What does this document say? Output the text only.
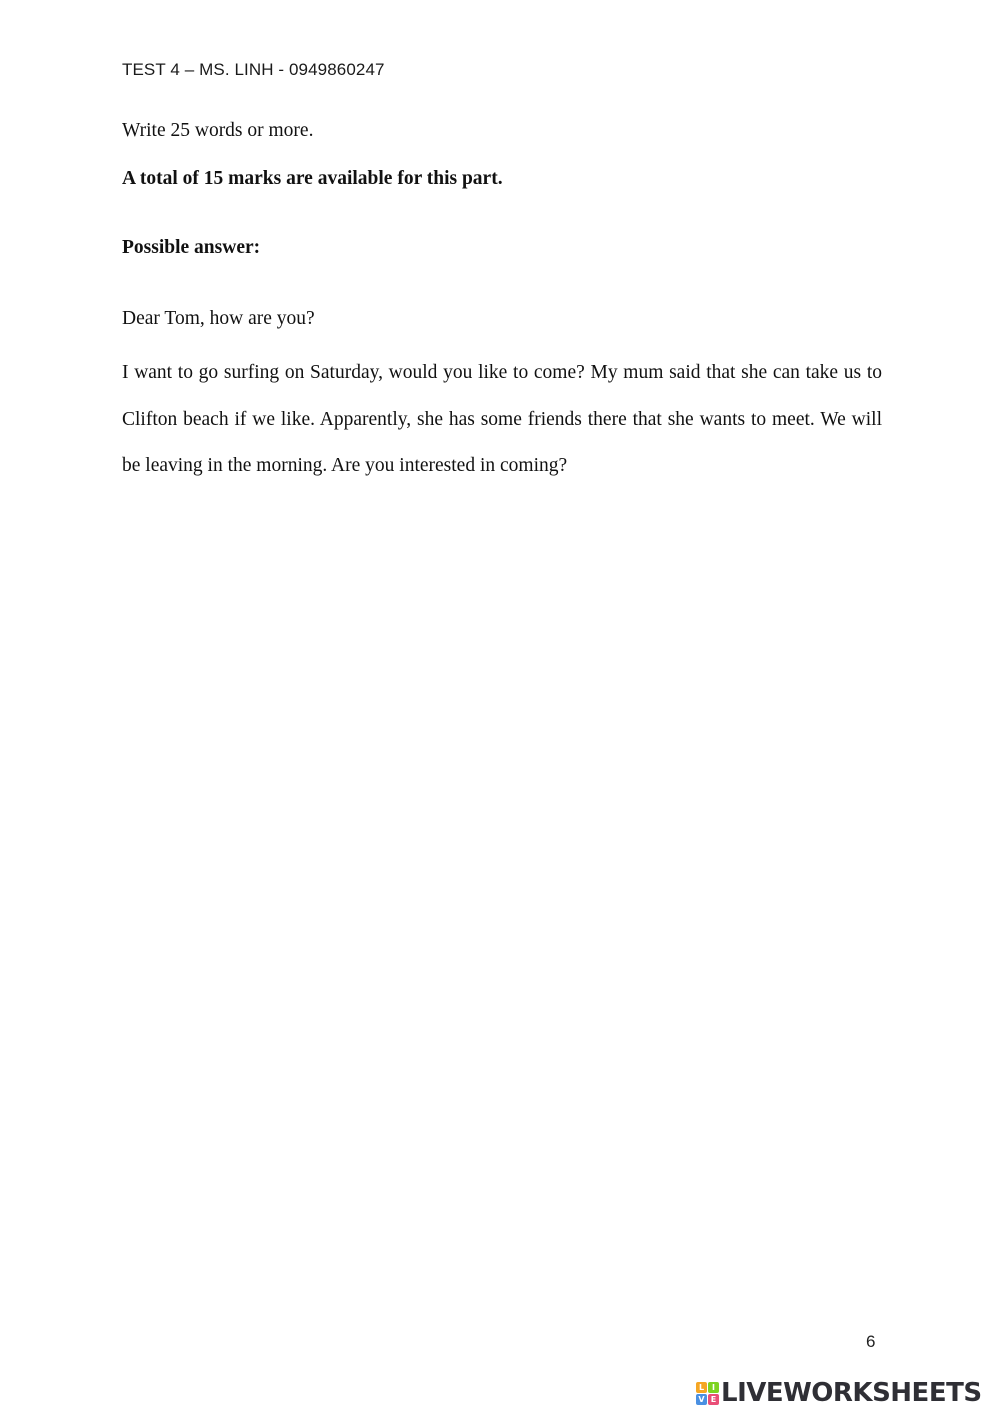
TEST 4 – MS. LINH - 0949860247
Write 25 words or more.
A total of 15 marks are available for this part.
Possible answer:
Dear Tom, how are you?

I want to go surfing on Saturday, would you like to come? My mum said that she can take us to Clifton beach if we like. Apparently, she has some friends there that she wants to meet. We will be leaving in the morning. Are you interested in coming?

6
L I
V E LIVEWORKSHEETS
